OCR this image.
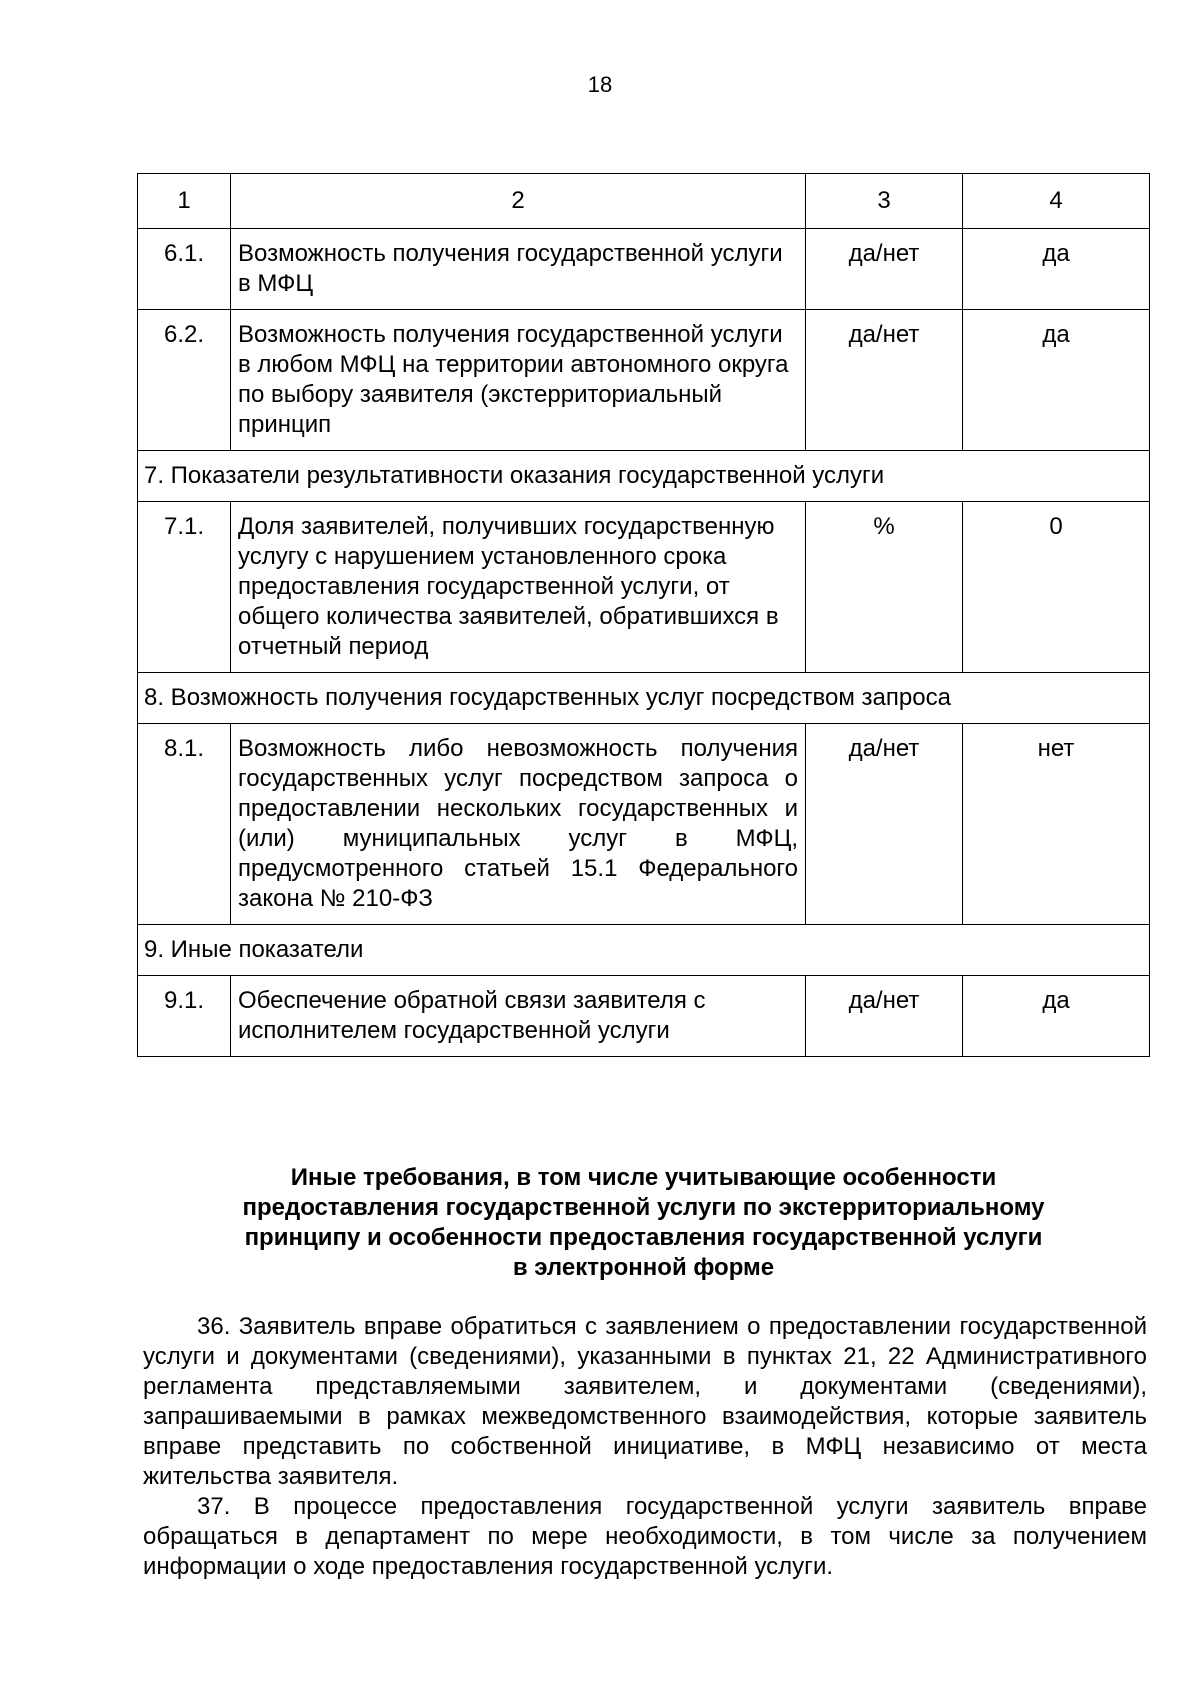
18
1	2	3	4
6.1.	Возможность получения государственной услуги в МФЦ	да/нет	да
6.2.	Возможность получения государственной услуги в любом МФЦ на территории автономного округа по выбору заявителя (экстерриториальный принцип	да/нет	да
7. Показатели результативности оказания государственной услуги			
7.1.	Доля заявителей, получивших государственную услугу с нарушением установленного срока предоставления государственной услуги, от общего количества заявителей, обратившихся в отчетный период	%	0
8. Возможность получения государственных услуг посредством запроса			
8.1.	Возможность либо невозможность получения государственных услуг посредством запроса о предоставлении нескольких государственных и (или) муниципальных услуг в МФЦ, предусмотренного статьей 15.1 Федерального закона № 210-ФЗ	да/нет	нет
9. Иные показатели			
9.1.	Обеспечение обратной связи заявителя с исполнителем государственной услуги	да/нет	да
Иные требования, в том числе учитывающие особенности
предоставления государственной услуги по экстерриториальному
принципу и особенности предоставления государственной услуги
в электронной форме

36. Заявитель вправе обратиться с заявлением о предоставлении государственной услуги и документами (сведениями), указанными в пунктах 21, 22 Административного регламента представляемыми заявителем, и документами (сведениями), запрашиваемыми в рамках межведомственного взаимодействия, которые заявитель вправе представить по собственной инициативе, в МФЦ независимо от места жительства заявителя.

37. В процессе предоставления государственной услуги заявитель вправе обращаться в департамент по мере необходимости, в том числе за получением информации о ходе предоставления государственной услуги.
